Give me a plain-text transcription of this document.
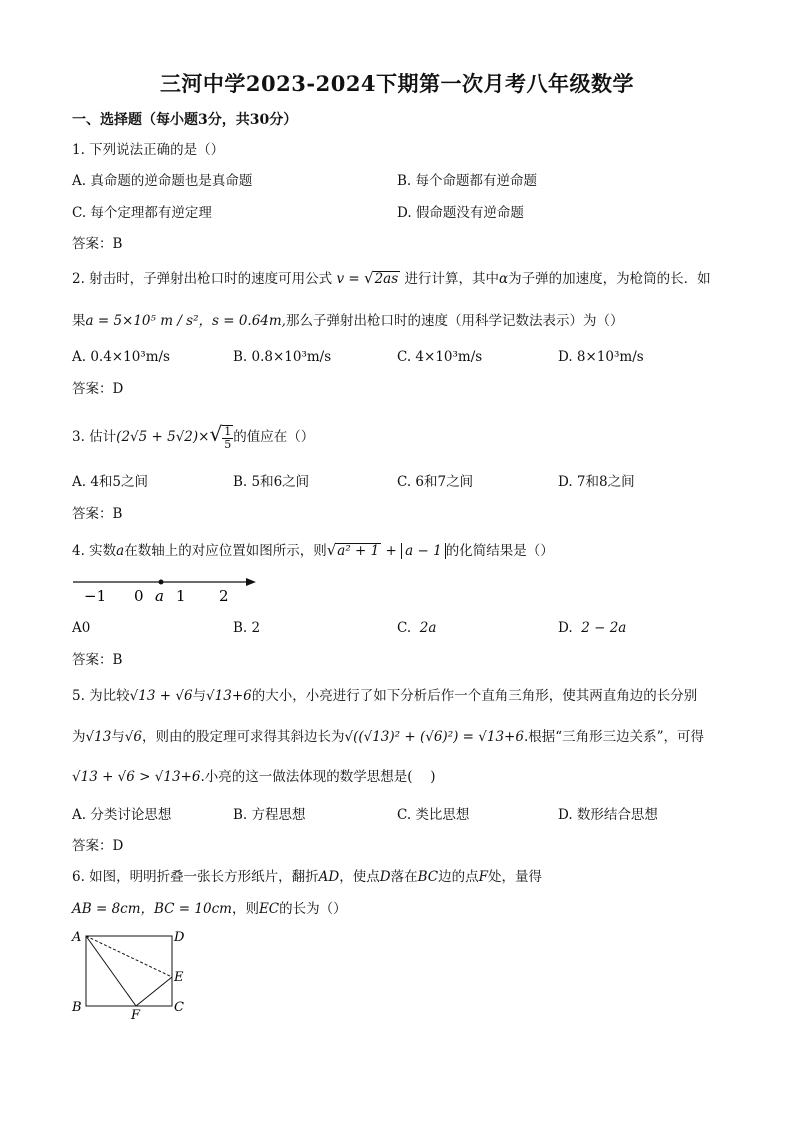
三河中学2023-2024下期第一次月考八年级数学
一、选择题（每小题3分，共30分）
1. 下列说法正确的是（）
A. 真命题的逆命题也是真命题	B. 每个命题都有逆命题
C. 每个定理都有逆定理	D. 假命题没有逆命题
答案：B
2. 射击时，子弹射出枪口时的速度可用公式 v = √2as 进行计算，其中α为子弹的加速度，为枪筒的长．如
果a = 5×10⁵ m / s²，s = 0.64m,那么子弹射出枪口时的速度（用科学记数法表示）为（）
A. 0.4×10³m/s	B. 0.8×10³m/s	C. 4×10³m/s	D. 8×10³m/s
答案：D
3. 估计$(2√5 + 5√2)\times√ \frac{1}{5}$ 的值应在（）
A. 4和5之间	B. 5和6之间	C. 6和7之间	D. 7和8之间
答案：B
4. 实数a在数轴上的对应位置如图所示，则√a² + 1 + a − 1 的化简结果是（）
−1 0 a 1 2
A0	B. 2	C. 2a	D. 2 − 2a
答案：B
5. 为比较√13 + √6与√13+6的大小，小亮进行了如下分析后作一个直角三角形，使其两直角边的长分别
为√13与√6，则由的股定理可求得其斜边长为√((√13)² + (√6)²) = √13+6.根据“三角形三边关系”，可得
√13 + √6 > √13+6.小亮的这一做法体现的数学思想是(　 )
A. 分类讨论思想	B. 方程思想	C. 类比思想	D. 数形结合思想
答案：D
6. 如图，明明折叠一张长方形纸片，翻折AD，使点D落在BC边的点F处，量得
AB = 8cm，BC = 10cm，则EC的长为（）
A	D
E
B
F
C
